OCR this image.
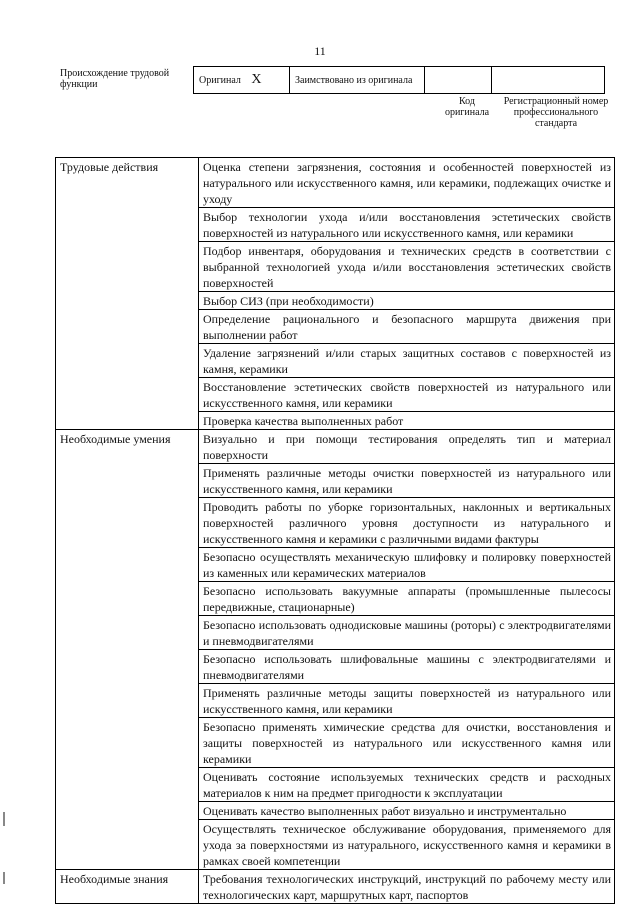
11
Происхождение трудовой функции	Оригинал X	Заимствовано из оригинала		
Код оригинала
Регистрационный номер профессионального стандарта
Трудовые действия	Оценка степени загрязнения, состояния и особенностей поверхностей из натурального или искусственного камня, или керамики, подлежащих очистке и уходу
	Выбор технологии ухода и/или восстановления эстетических свойств поверхностей из натурального или искусственного камня, или керамики
	Подбор инвентаря, оборудования и технических средств в соответствии с выбранной технологией ухода и/или восстановления эстетических свойств поверхностей
	Выбор СИЗ (при необходимости)
	Определение рационального и безопасного маршрута движения при выполнении работ
	Удаление загрязнений и/или старых защитных составов с поверхностей из камня, керамики
	Восстановление эстетических свойств поверхностей из натурального или искусственного камня, или керамики
	Проверка качества выполненных работ
Необходимые умения	Визуально и при помощи тестирования определять тип и материал поверхности
	Применять различные методы очистки поверхностей из натурального или искусственного камня, или керамики
	Проводить работы по уборке горизонтальных, наклонных и вертикальных поверхностей различного уровня доступности из натурального и искусственного камня и керамики с различными видами фактуры
	Безопасно осуществлять механическую шлифовку и полировку поверхностей из каменных или керамических материалов
	Безопасно использовать вакуумные аппараты (промышленные пылесосы передвижные, стационарные)
	Безопасно использовать однодисковые машины (роторы) с электродвигателями и пневмодвигателями
	Безопасно использовать шлифовальные машины с электродвигателями и пневмодвигателями
	Применять различные методы защиты поверхностей из натурального или искусственного камня, или керамики
	Безопасно применять химические средства для очистки, восстановления и защиты поверхностей из натурального или искусственного камня или керамики
	Оценивать состояние используемых технических средств и расходных материалов к ним на предмет пригодности к эксплуатации
	Оценивать качество выполненных работ визуально и инструментально
	Осуществлять техническое обслуживание оборудования, применяемого для ухода за поверхностями из натурального, искусственного камня и керамики в рамках своей компетенции
Необходимые знания	Требования технологических инструкций, инструкций по рабочему месту или технологических карт, маршрутных карт, паспортов
